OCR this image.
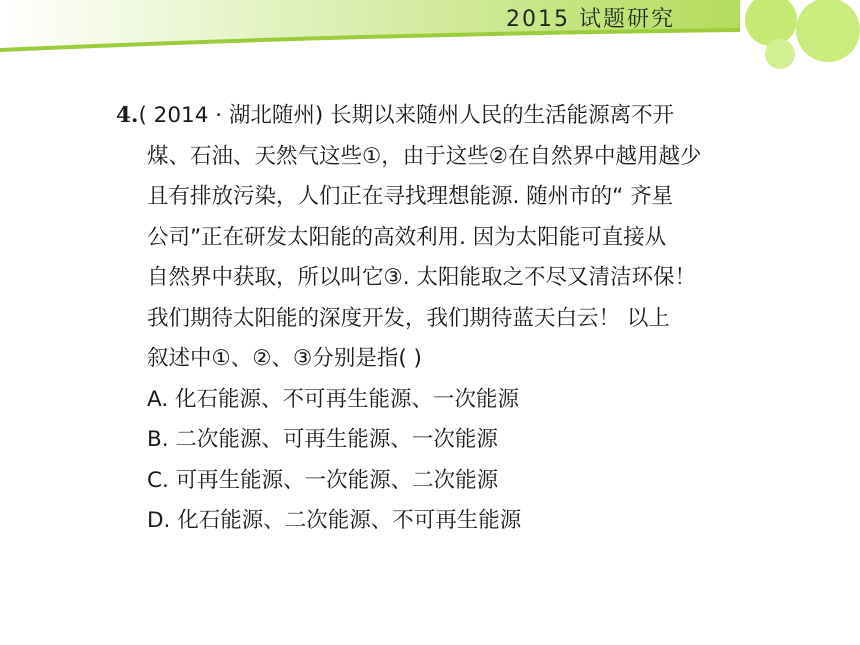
2015 试题研究
4.( 2014 · 湖北随州) 长期以来随州人民的生活能源离不开
煤、石油、天然气这些①，由于这些②在自然界中越用越少
且有排放污染，人们正在寻找理想能源. 随州市的“ 齐星
公司”正在研发太阳能的高效利用. 因为太阳能可直接从
自然界中获取，所以叫它③. 太阳能取之不尽又清洁环保！
我们期待太阳能的深度开发，我们期待蓝天白云！ 以上
叙述中①、②、③分别是指( )
A. 化石能源、不可再生能源、一次能源
B. 二次能源、可再生能源、一次能源
C. 可再生能源、一次能源、二次能源
D. 化石能源、二次能源、不可再生能源
